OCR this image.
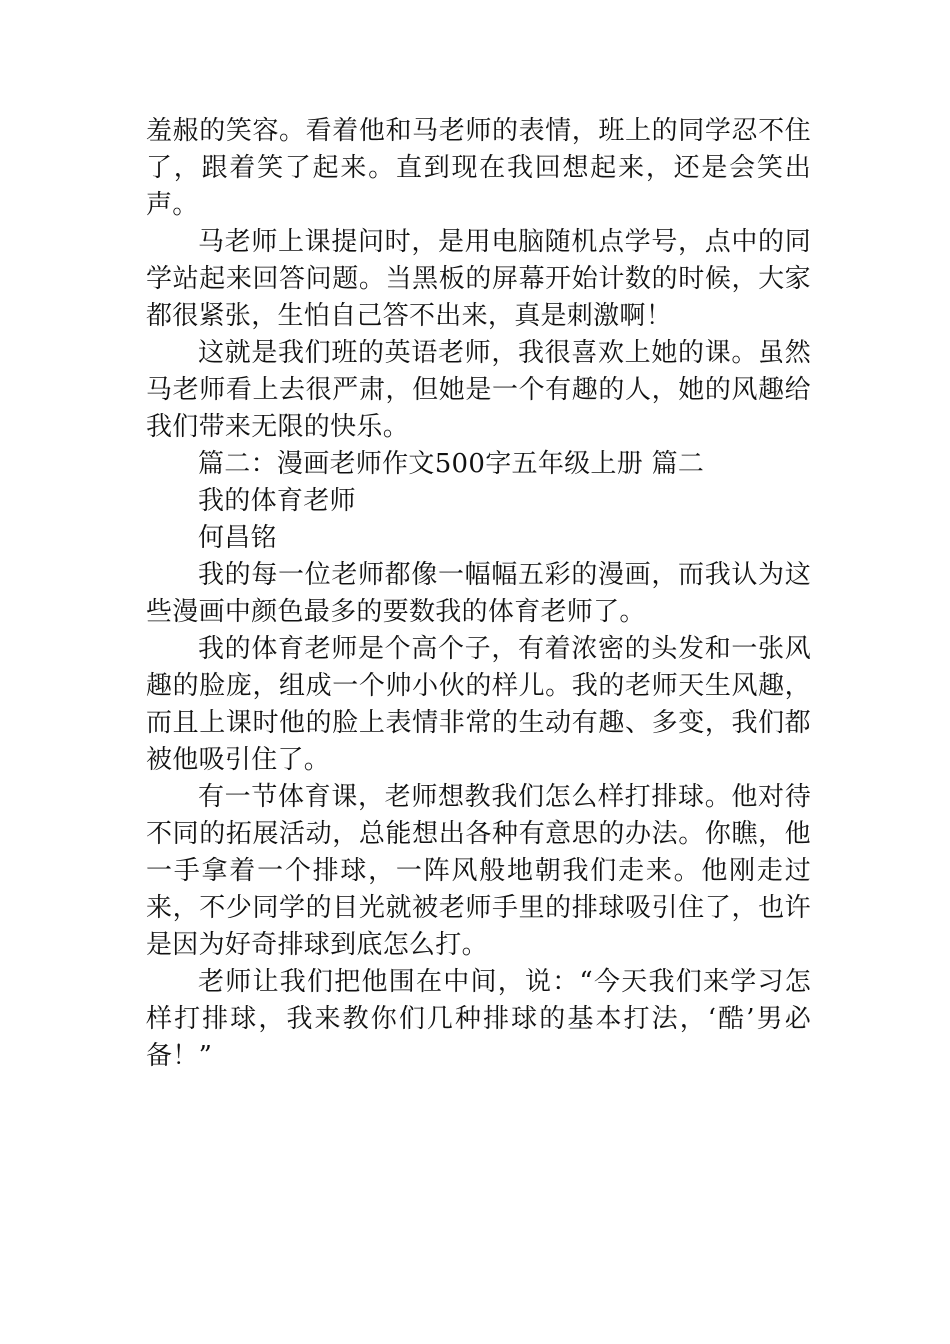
羞赧的笑容。看着他和马老师的表情，班上的同学忍不住了，跟着笑了起来。直到现在我回想起来，还是会笑出声。

马老师上课提问时，是用电脑随机点学号，点中的同学站起来回答问题。当黑板的屏幕开始计数的时候，大家都很紧张，生怕自己答不出来，真是刺激啊！

这就是我们班的英语老师，我很喜欢上她的课。虽然马老师看上去很严肃，但她是一个有趣的人，她的风趣给我们带来无限的快乐。

篇二：漫画老师作文500字五年级上册 篇二

我的体育老师

何昌铭

我的每一位老师都像一幅幅五彩的漫画，而我认为这些漫画中颜色最多的要数我的体育老师了。

我的体育老师是个高个子，有着浓密的头发和一张风趣的脸庞，组成一个帅小伙的样儿。我的老师天生风趣，而且上课时他的脸上表情非常的生动有趣、多变，我们都被他吸引住了。

有一节体育课，老师想教我们怎么样打排球。他对待不同的拓展活动，总能想出各种有意思的办法。你瞧，他一手拿着一个排球，一阵风般地朝我们走来。他刚走过来，不少同学的目光就被老师手里的排球吸引住了，也许是因为好奇排球到底怎么打。

老师让我们把他围在中间，说：“今天我们来学习怎样打排球，我来教你们几种排球的基本打法，‘酷’男必备！”
